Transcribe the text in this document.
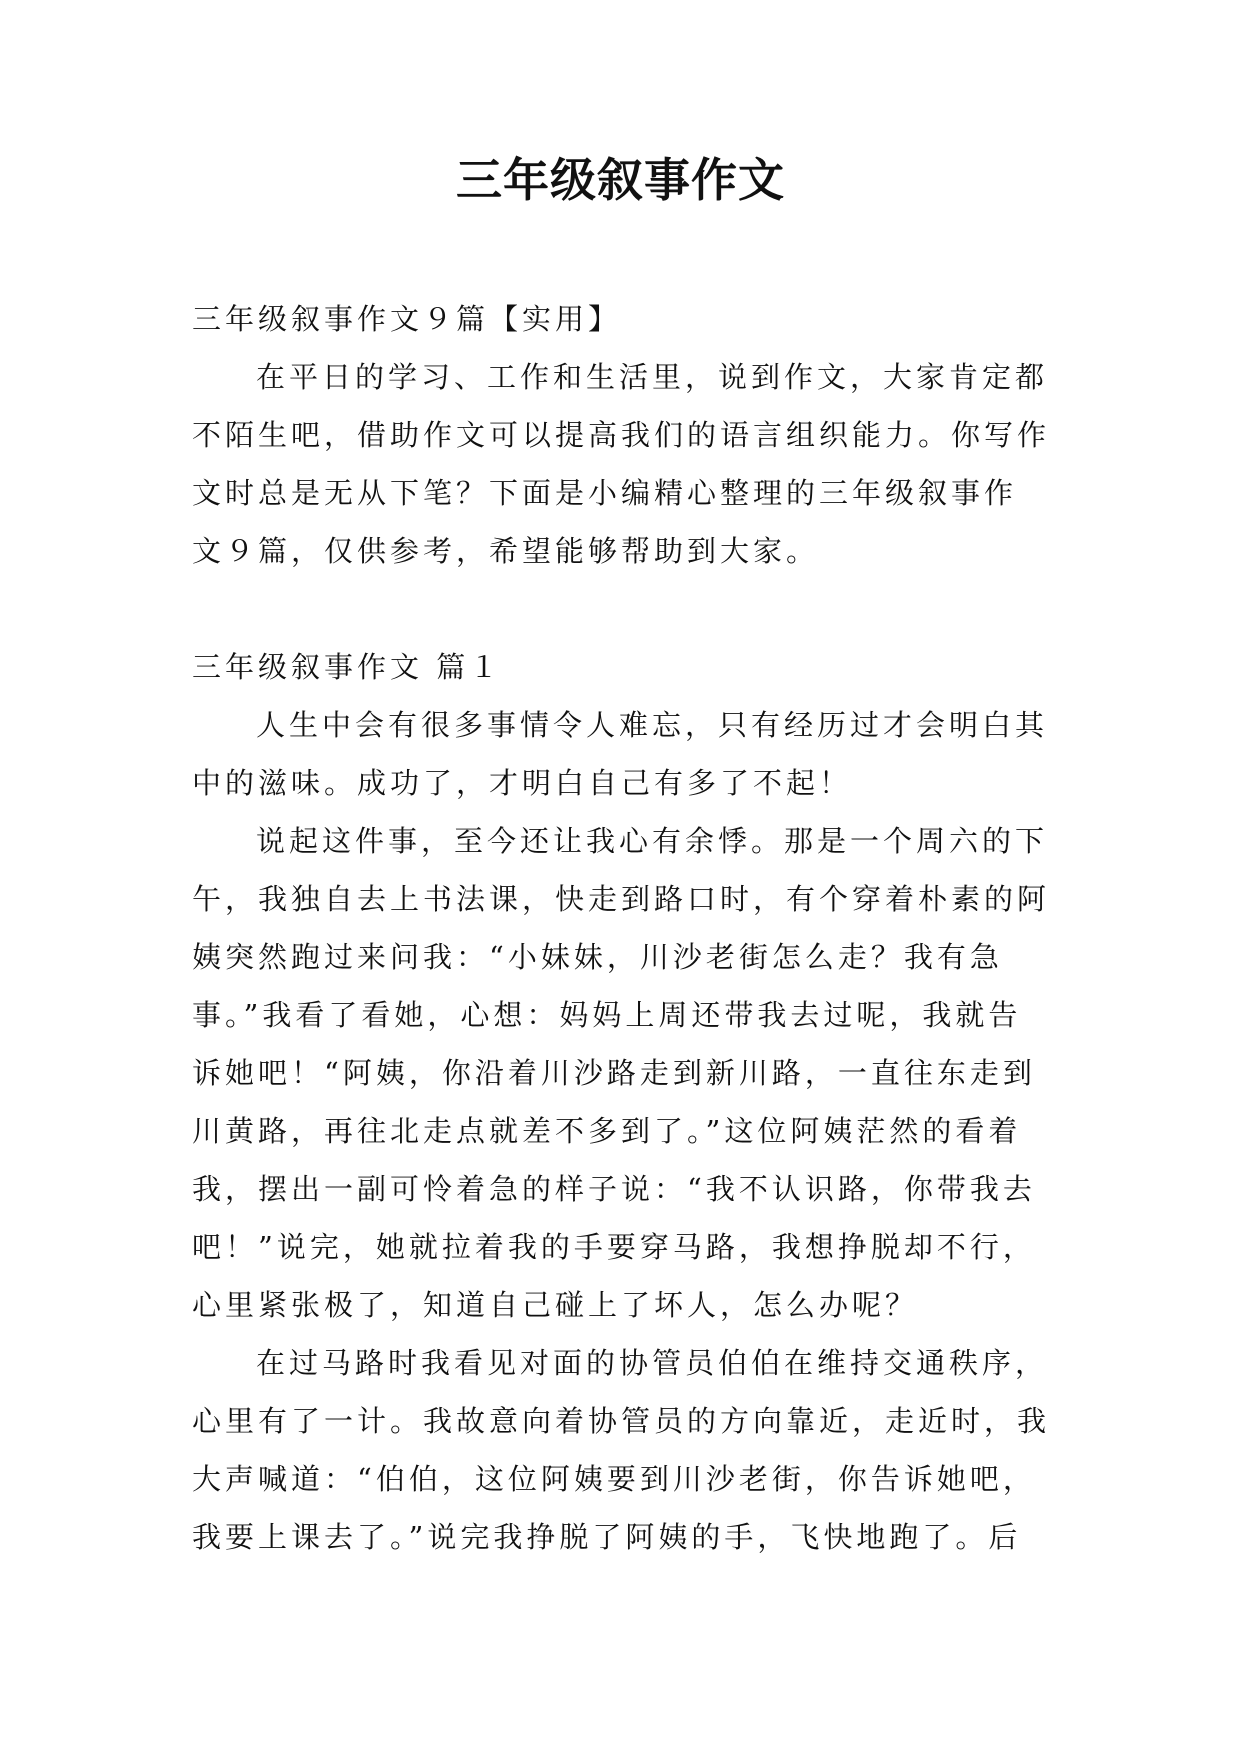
三年级叙事作文
三年级叙事作文９篇【实用】
在平日的学习、工作和生活里，说到作文，大家肯定都
不陌生吧，借助作文可以提高我们的语言组织能力。你写作
文时总是无从下笔？下面是小编精心整理的三年级叙事作
文９篇，仅供参考，希望能够帮助到大家。
三年级叙事作文 篇１
人生中会有很多事情令人难忘，只有经历过才会明白其
中的滋味。成功了，才明白自己有多了不起！
说起这件事，至今还让我心有余悸。那是一个周六的下
午，我独自去上书法课，快走到路口时，有个穿着朴素的阿
姨突然跑过来问我：“小妹妹，川沙老街怎么走？我有急
事。”我看了看她，心想：妈妈上周还带我去过呢，我就告
诉她吧！“阿姨，你沿着川沙路走到新川路，一直往东走到
川黄路，再往北走点就差不多到了。”这位阿姨茫然的看着
我，摆出一副可怜着急的样子说：“我不认识路，你带我去
吧！”说完，她就拉着我的手要穿马路，我想挣脱却不行，
心里紧张极了，知道自己碰上了坏人，怎么办呢？
在过马路时我看见对面的协管员伯伯在维持交通秩序，
心里有了一计。我故意向着协管员的方向靠近，走近时，我
大声喊道：“伯伯，这位阿姨要到川沙老街，你告诉她吧，
我要上课去了。”说完我挣脱了阿姨的手，飞快地跑了。后
